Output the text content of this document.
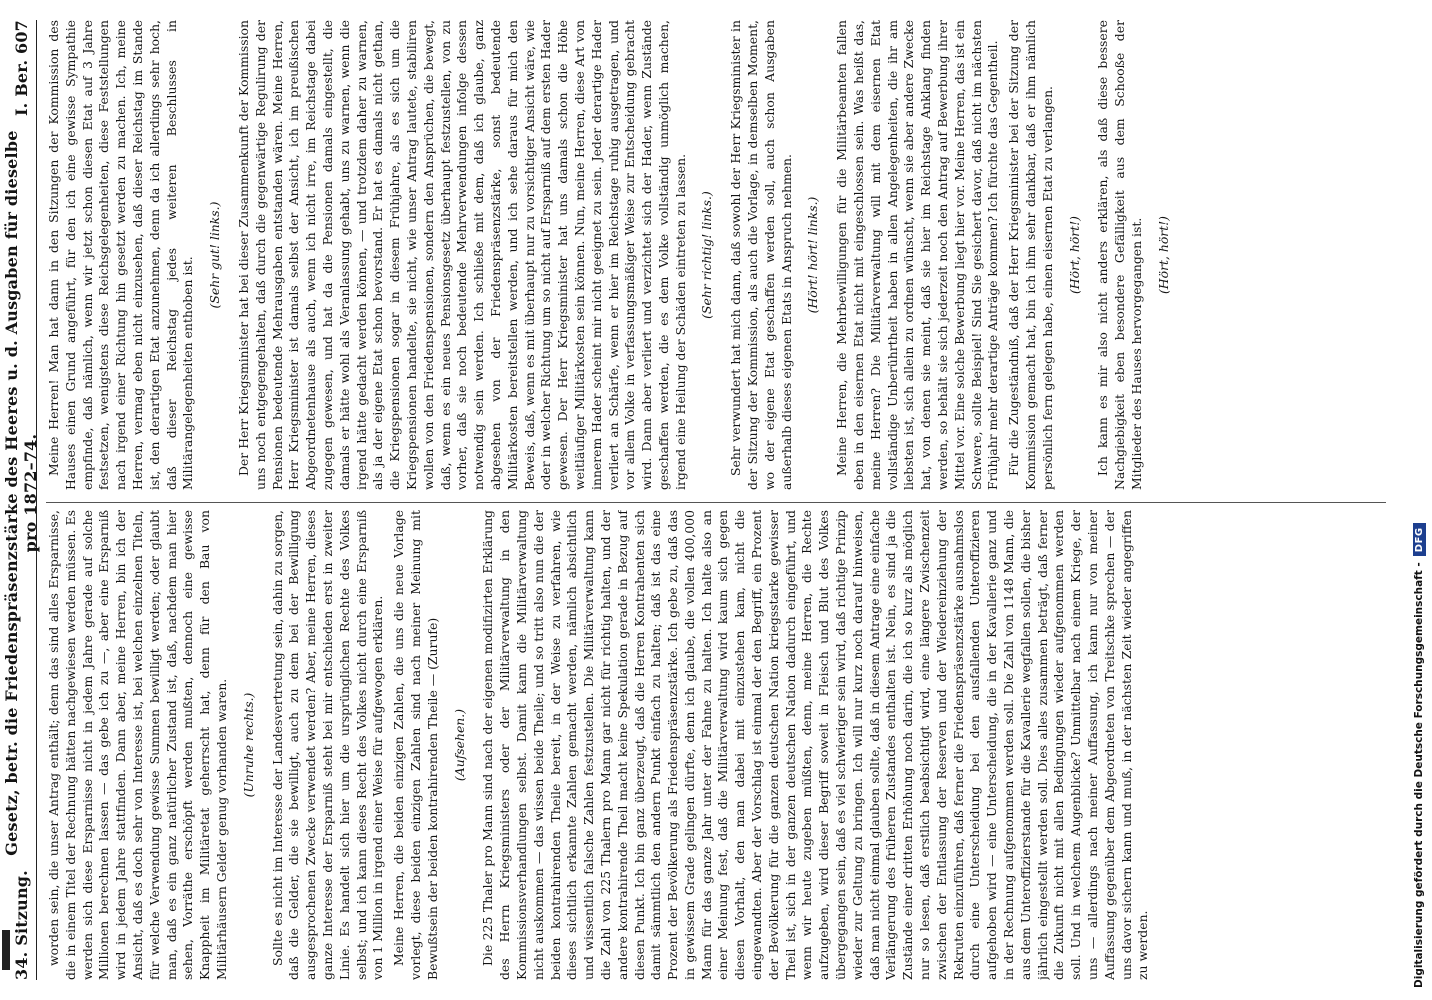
34. Sitzung.
Gesetz, betr. die Friedenspräsenzstärke des Heeres u. d. Ausgaben für dieselbe pro 1872–74.
I. Ber. 607

worden sein, die unser Antrag enthält; denn das sind alles Ersparnisse, die in einem Titel der Rechnung hätten nachgewiesen werden müssen. Es werden sich diese Ersparnisse nicht in jedem Jahre gerade auf solche Millionen berechnen lassen — das gebe ich zu —, aber eine Ersparniß wird in jedem Jahre stattfinden. Dann aber, meine Herren, bin ich der Ansicht, daß es doch sehr von Interesse ist, bei welchen einzelnen Titeln, für welche Verwendung gewisse Summen bewilligt werden; oder glaubt man, daß es ein ganz natürlicher Zustand ist, daß, nachdem man hier sehen, Vorräthe erschöpft werden mußten, dennoch eine gewisse Knappheit im Militäretat geherrscht hat, denn für den Bau von Militärhäusern Gelder genug vorhanden waren. (Unruhe rechts.) Sollte es nicht im Interesse der Landesvertretung sein, dahin zu sorgen, daß die Gelder, die sie bewilligt, auch zu dem bei der Bewilligung ausgesprochenen Zwecke verwendet werden? Aber, meine Herren, dieses ganze Interesse der Ersparniß steht bei mir entschieden erst in zweiter Linie. Es handelt sich hier um die ursprünglichen Rechte des Volkes selbst; und ich kann dieses Recht des Volkes nicht durch eine Ersparniß von 1 Million in irgend einer Weise für aufgewogen erklären. Meine Herren, die beiden einzigen Zahlen, die uns die neue Vorlage vorlegt, diese beiden einzigen Zahlen sind nach meiner Meinung mit Bewußtsein der beiden kontrahirenden Theile — (Zurufe) (Aufsehen.) Die 225 Thaler pro Mann sind nach der eigenen modifizirten Erklärung des Herrn Kriegsministers oder der Militärverwaltung in den Kommissionsverhandlungen selbst. Damit kann die Militärverwaltung nicht auskommen — das wissen beide Theile; und so tritt also nun die der beiden kontrahirenden Theile bereit, in der Weise zu verfahren, wie dieses sichtlich erkannte Zahlen gemacht werden, nämlich absichtlich und wissentlich falsche Zahlen festzustellen. Die Militärverwaltung kann die Zahl von 225 Thalern pro Mann gar nicht für richtig halten, und der andere kontrahirende Theil macht keine Spekulation gerade in Bezug auf diesen Punkt. Ich bin ganz überzeugt, daß die Herren Kontrahenten sich damit sämmtlich den andern Punkt einfach zu halten; daß ist das eine Prozent der Bevölkerung als Friedenspräsenzstärke. Ich gebe zu, daß das in gewissem Grade gelingen dürfte, denn ich glaube, die vollen 400,000 Mann für das ganze Jahr unter der Fahne zu halten. Ich halte also an einer Meinung fest, daß die Militärverwaltung wird kaum sich gegen diesen Vorhalt, den man dabei mit einzustehen kam, nicht die eingewandten. Aber der Vorschlag ist einmal der den Begriff, ein Prozent der Bevölkerung für die ganzen deutschen Nation kriegsstarke gewisser Theil ist, sich in der ganzen deutschen Nation dadurch eingeführt, und wenn wir heute zugeben müßten, denn, meine Herren, die Rechte aufzugeben, wird dieser Begriff soweit in Fleisch und Blut des Volkes übergegangen sein, daß es viel schwieriger sein wird, daß richtige Prinzip wieder zur Geltung zu bringen. Ich will nur kurz noch darauf hinweisen, daß man nicht einmal glauben sollte, daß in diesem Antrage eine einfache Verlängerung des früheren Zustandes enthalten ist. Nein, es sind ja die Zustände einer dritten Erhöhung noch darin, die ich so kurz als möglich nur so lesen, daß erstlich beabsichtigt wird, eine längere Zwischenzeit zwischen der Entlassung der Reserven und der Wiedereinziehung der Rekruten einzuführen, daß ferner die Friedenspräsenzstärke ausnahmslos durch eine Unterscheidung bei den ausfallenden Unteroffizieren aufgehoben wird — eine Unterscheidung, die in der Kavallerie ganz und in der Rechnung aufgenommen werden soll. Die Zahl von 1148 Mann, die aus dem Unteroffizierstande für die Kavallerie wegfallen sollen, die bisher jährlich eingestellt werden soll. Dies alles zusammen beträgt, daß ferner die Zukunft nicht mit allen Bedingungen wieder aufgenommen werden soll. Und in welchem Augenblicke? Unmittelbar nach einem Kriege, der uns — allerdings nach meiner Auffassung, ich kann nur von meiner Auffassung gegenüber dem Abgeordneten von Treitschke sprechen — der uns davor sichern kann und muß, in der nächsten Zeit wieder angegriffen zu werden.

Meine Herren! Man hat dann in den Sitzungen der Kommission des Hauses einen Grund angeführt, für den ich eine gewisse Sympathie empfinde, daß nämlich, wenn wir jetzt schon diesen Etat auf 3 Jahre festsetzen, wenigstens diese Reichsgelegenheiten, diese Feststellungen nach irgend einer Richtung hin gesetzt werden zu machen. Ich, meine Herren, vermag eben nicht einzusehen, daß dieser Reichstag im Stande ist, den derartigen Etat anzunehmen, denn da ich allerdings sehr hoch, daß dieser Reichstag jedes weiteren Beschlusses in Militärangelegenheiten enthoben ist.

(Sehr gut! links.) Der Herr Kriegsminister hat bei dieser Zusammenkunft der Kommission uns noch entgegengehalten, daß durch die gegenwärtige Regulirung der Pensionen bedeutende Mehrausgaben entstanden wären. Meine Herren, Herr Kriegsminister ist damals selbst der Ansicht, ich im preußischen Abgeordnetenhause als auch, wenn ich nicht irre, im Reichstage dabei zugegen gewesen, und hat da die Pensionen damals eingestellt, die damals er hätte wohl als Veranlassung gehabt, uns zu warnen, wenn die irgend hätte gedacht werden können, — und trotzdem daher zu warnen, als ja der eigene Etat schon bevorstand. Er hat es damals nicht gethan, die Kriegspensionen sogar in diesem Frühjahre, als es sich um die Kriegspensionen handelte, sie nicht, wie unser Antrag lautete, stabiliren wollen von den Friedenspensionen, sondern den Ansprüchen, die bewegt, daß, wenn es ein neues Pensionsgesetz überhaupt festzustellen, von zu vorher, daß sie noch bedeutende Mehrverwendungen infolge dessen notwendig sein werden. Ich schließe mit dem, daß ich glaube, ganz abgesehen von der Friedenspräsenzstärke, sonst bedeutende Militärkosten bereitstellen werden, und ich sehe daraus für mich den Beweis, daß, wenn es mit überhaupt nur zu vorsichtiger Ansicht wäre, wie oder in welcher Richtung um so nicht auf Ersparniß auf dem ersten Hader gewesen. Der Herr Kriegsminister hat uns damals schon die Höhe weitläufiger Militärkosten sein können. Nun, meine Herren, diese Art von innerem Hader scheint mir nicht geeignet zu sein. Jeder derartige Hader verliert an Schärfe, wenn er hier im Reichstage ruhig ausgetragen, und vor allem Volke in verfassungsmäßiger Weise zur Entscheidung gebracht wird. Dann aber verliert und verzichtet sich der Hader, wenn Zustände geschaffen werden, die es dem Volke vollständig unmöglich machen, irgend eine Heilung der Schäden eintreten zu lassen. (Sehr richtig! links.) Sehr verwundert hat mich dann, daß sowohl der Herr Kriegsminister in der Sitzung der Kommission, als auch die Vorlage, in demselben Moment, wo der eigene Etat geschaffen werden soll, auch schon Ausgaben außerhalb dieses eigenen Etats in Anspruch nehmen. (Hört! hört! links.) Meine Herren, die Mehrbewilligungen für die Militärbeamten fallen eben in den eisernen Etat nicht mit eingeschlossen sein. Was heißt das, meine Herren? Die Militärverwaltung will mit dem eisernen Etat vollständige Unberührtheit haben in allen Angelegenheiten, die ihr am liebsten ist, sich allein zu ordnen wünscht, wenn sie aber andere Zwecke hat, von denen sie meint, daß sie hier im Reichstage Anklang finden werden, so behält sie sich jederzeit noch den Antrag auf Bewerbung ihrer Mittel vor. Eine solche Bewerbung liegt hier vor. Meine Herren, das ist ein Schwere, sollte Beispiel! Sind Sie gesichert davor, daß nicht im nächsten Frühjahr mehr derartige Anträge kommen? Ich fürchte das Gegentheil. Für die Zugeständniß, daß der Herr Kriegsminister bei der Sitzung der Kommission gemacht hat, bin ich ihm sehr dankbar, daß er ihm nämlich persönlich fern gelegen habe, einen eisernen Etat zu verlangen. (Hört, hört!) Ich kann es mir also nicht anders erklären, als daß diese bessere Nachgiebigkeit eben besondere Gefälligkeit aus dem Schooße der Mitglieder des Hauses hervorgegangen ist. (Hört, hört!)

Digitalisierung gefördert durch die Deutsche Forschungsgemeinschaft -
DFG
